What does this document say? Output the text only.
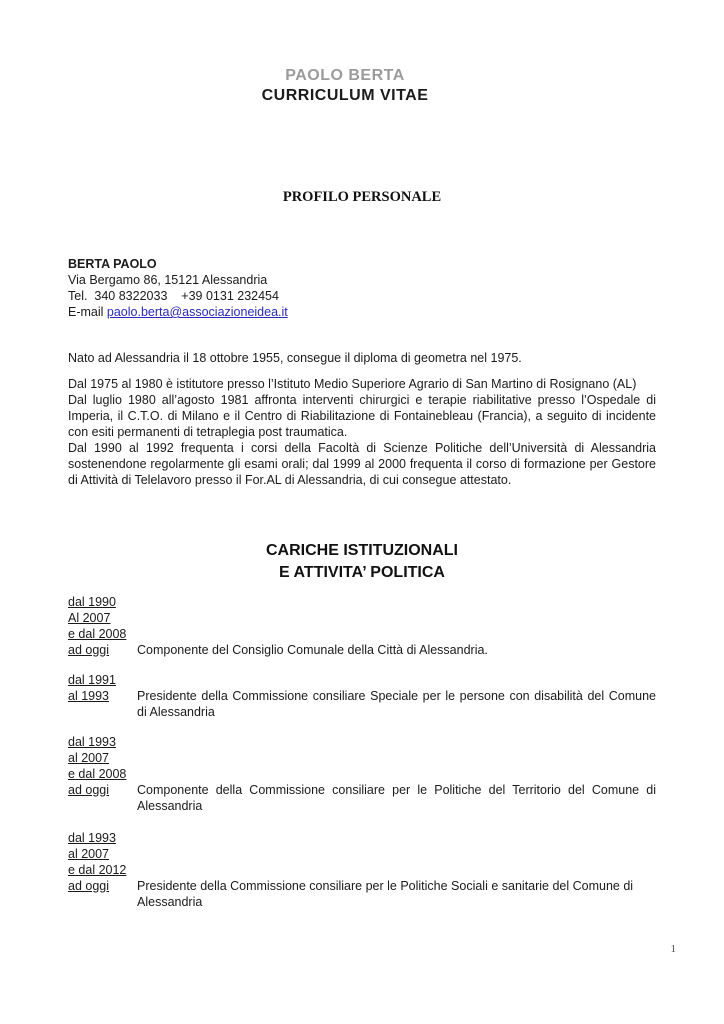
PAOLO BERTA
CURRICULUM VITAE
PROFILO PERSONALE
BERTA PAOLO
Via Bergamo 86, 15121 Alessandria
Tel.  340 8322033    +39 0131 232454
E-mail paolo.berta@associazioneidea.it

Nato ad Alessandria il 18 ottobre 1955, consegue il diploma di geometra nel 1975.

Dal 1975 al 1980 è istitutore presso l’Istituto Medio Superiore Agrario di San Martino di Rosignano (AL)

Dal luglio 1980 all’agosto 1981 affronta interventi chirurgici e terapie riabilitative presso l’Ospedale di Imperia, il C.T.O. di Milano e il Centro di Riabilitazione di Fontainebleau (Francia), a seguito di incidente con esiti permanenti di tetraplegia post traumatica.

Dal 1990 al 1992 frequenta i corsi della Facoltà di Scienze Politiche dell’Università di Alessandria sostenendone regolarmente gli esami orali; dal 1999 al 2000 frequenta il corso di formazione per Gestore di Attività di Telelavoro presso il For.AL di Alessandria, di cui consegue attestato.

CARICHE ISTITUZIONALI
E ATTIVITA’ POLITICA
dal 1990
Al 2007
e dal 2008
ad oggi	Componente del Consiglio Comunale della Città di Alessandria.
dal 1991
al 1993	Presidente della Commissione consiliare Speciale per le persone con disabilità del Comune di Alessandria
dal 1993
al 2007
e dal 2008
ad oggi	Componente della Commissione consiliare per le Politiche del Territorio del Comune di Alessandria
dal 1993
al 2007
e dal 2012
ad oggi	Presidente della Commissione consiliare per le Politiche Sociali e sanitarie del Comune di Alessandria
1
